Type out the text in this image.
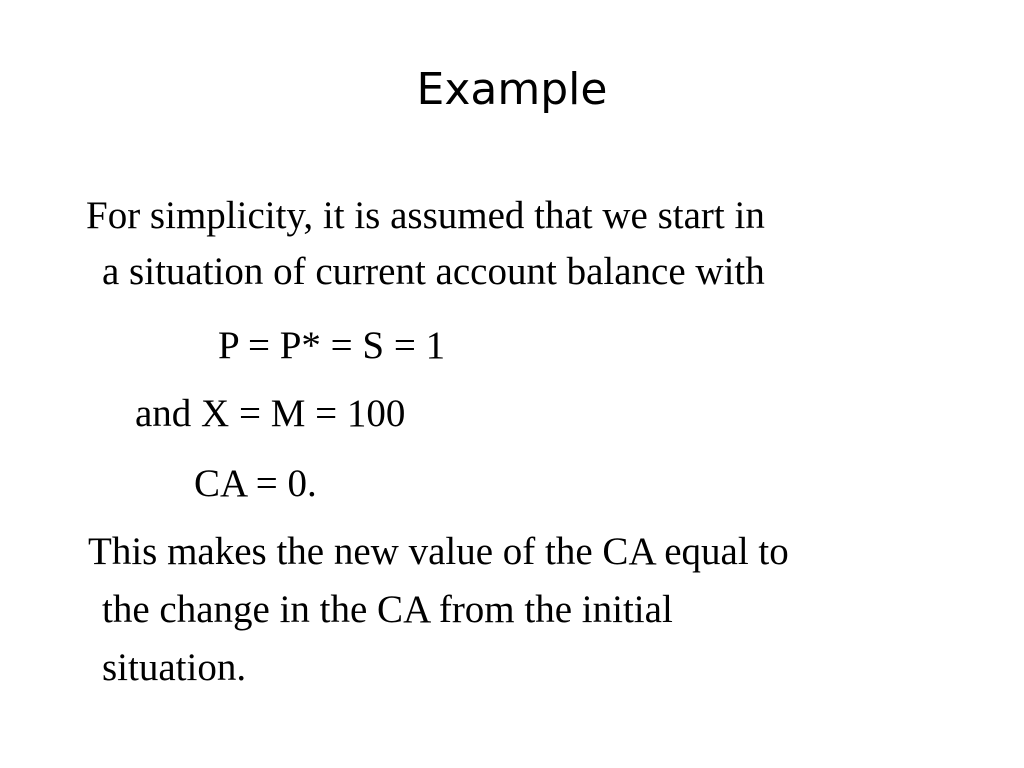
Example
For simplicity, it is assumed that we start in
a situation of current account balance with
P = P* = S = 1
and X = M = 100
CA = 0.
This makes the new value of the CA equal to
the change in the CA from the initial
situation.
